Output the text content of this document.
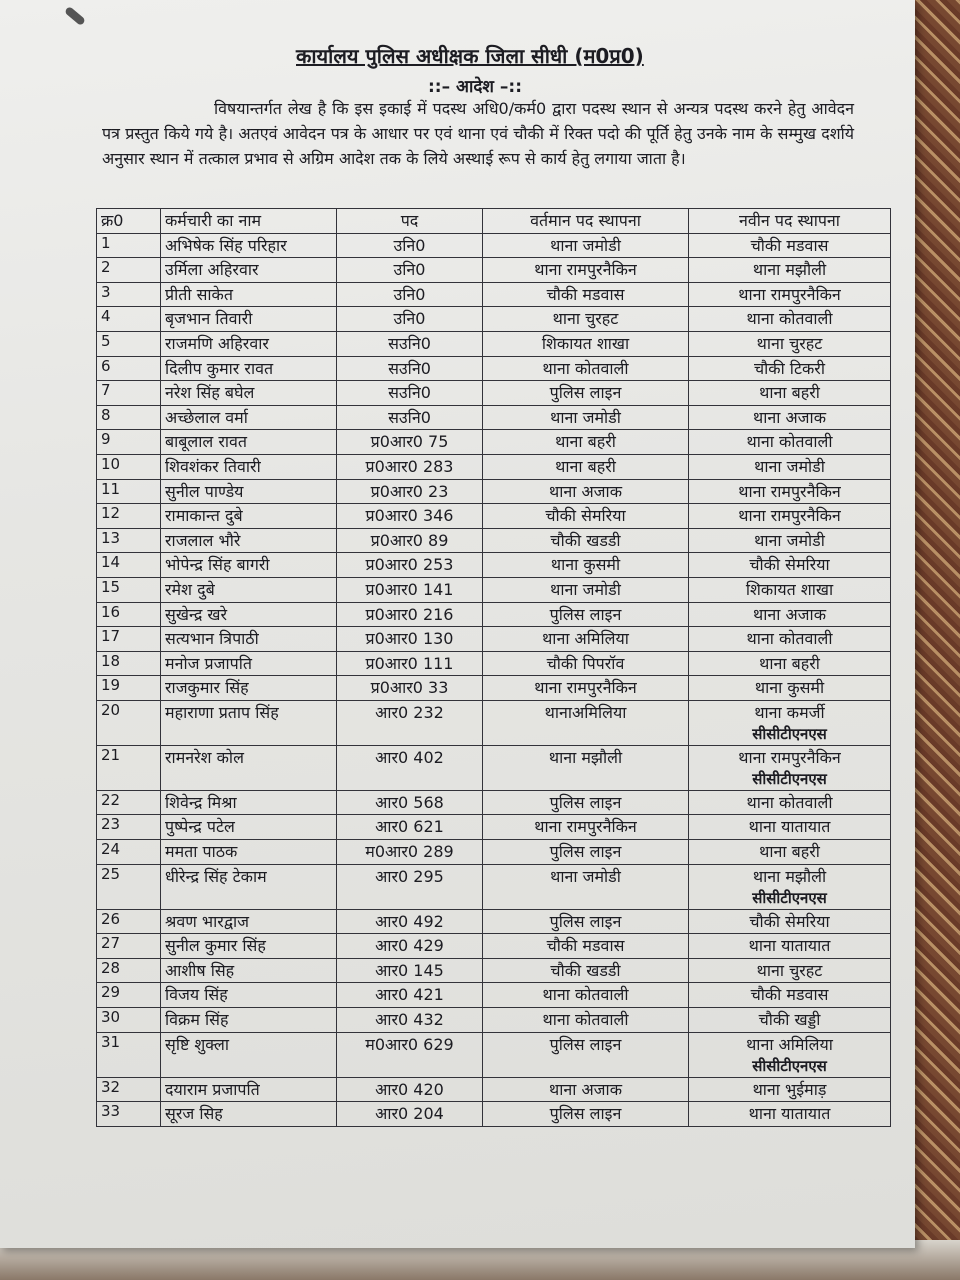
कार्यालय पुलिस अधीक्षक जिला सीधी (म0प्र0)
::– आदेश –::
विषयान्तर्गत लेख है कि इस इकाई में पदस्थ अधि0/कर्म0 द्वारा पदस्थ स्थान से अन्यत्र पदस्थ करने हेतु आवेदन पत्र प्रस्तुत किये गये है। अतएवं आवेदन पत्र के आधार पर एवं थाना एवं चौकी में रिक्त पदो की पूर्ति हेतु उनके नाम के सम्मुख दर्शाये अनुसार स्थान में तत्काल प्रभाव से अग्रिम आदेश तक के लिये अस्थाई रूप से कार्य हेतु लगाया जाता है।
क्र0	कर्मचारी का नाम	पद	वर्तमान पद स्थापना	नवीन पद स्थापना
1	अभिषेक सिंह परिहार	उनि0	थाना जमोडी	चौकी मडवास
2	उर्मिला अहिरवार	उनि0	थाना रामपुरनैकिन	थाना मझौली
3	प्रीती साकेत	उनि0	चौकी मडवास	थाना रामपुरनैकिन
4	बृजभान तिवारी	उनि0	थाना चुरहट	थाना कोतवाली
5	राजमणि अहिरवार	सउनि0	शिकायत शाखा	थाना चुरहट
6	दिलीप कुमार रावत	सउनि0	थाना कोतवाली	चौकी टिकरी
7	नरेश सिंह बघेल	सउनि0	पुलिस लाइन	थाना बहरी
8	अच्छेलाल वर्मा	सउनि0	थाना जमोडी	थाना अजाक
9	बाबूलाल रावत	प्र0आर0 75	थाना बहरी	थाना कोतवाली
10	शिवशंकर तिवारी	प्र0आर0 283	थाना बहरी	थाना जमोडी
11	सुनील पाण्डेय	प्र0आर0 23	थाना अजाक	थाना रामपुरनैकिन
12	रामाकान्त दुबे	प्र0आर0 346	चौकी सेमरिया	थाना रामपुरनैकिन
13	राजलाल भौरे	प्र0आर0 89	चौकी खडडी	थाना जमोडी
14	भोपेन्द्र सिंह बागरी	प्र0आर0 253	थाना कुसमी	चौकी सेमरिया
15	रमेश दुबे	प्र0आर0 141	थाना जमोडी	शिकायत शाखा
16	सुखेन्द्र खरे	प्र0आर0 216	पुलिस लाइन	थाना अजाक
17	सत्यभान त्रिपाठी	प्र0आर0 130	थाना अमिलिया	थाना कोतवाली
18	मनोज प्रजापति	प्र0आर0 111	चौकी पिपरॉव	थाना बहरी
19	राजकुमार सिंह	प्र0आर0 33	थाना रामपुरनैकिन	थाना कुसमी
20	महाराणा प्रताप सिंह	आर0 232	थानाअमिलिया	थाना कमर्जी
सीसीटीएनएस

21	रामनरेश कोल	आर0 402	थाना मझौली	थाना रामपुरनैकिन
सीसीटीएनएस

22	शिवेन्द्र मिश्रा	आर0 568	पुलिस लाइन	थाना कोतवाली
23	पुष्पेन्द्र पटेल	आर0 621	थाना रामपुरनैकिन	थाना यातायात
24	ममता पाठक	म0आर0 289	पुलिस लाइन	थाना बहरी
25	धीरेन्द्र सिंह टेकाम	आर0 295	थाना जमोडी	थाना मझौली
सीसीटीएनएस

26	श्रवण भारद्वाज	आर0 492	पुलिस लाइन	चौकी सेमरिया
27	सुनील कुमार सिंह	आर0 429	चौकी मडवास	थाना यातायात
28	आशीष सिह	आर0 145	चौकी खडडी	थाना चुरहट
29	विजय सिंह	आर0 421	थाना कोतवाली	चौकी मडवास
30	विक्रम सिंह	आर0 432	थाना कोतवाली	चौकी खड्डी
31	सृष्टि शुक्ला	म0आर0 629	पुलिस लाइन	थाना अमिलिया
सीसीटीएनएस

32	दयाराम प्रजापति	आर0 420	थाना अजाक	थाना भुईमाड़
33	सूरज सिह	आर0 204	पुलिस लाइन	थाना यातायात
